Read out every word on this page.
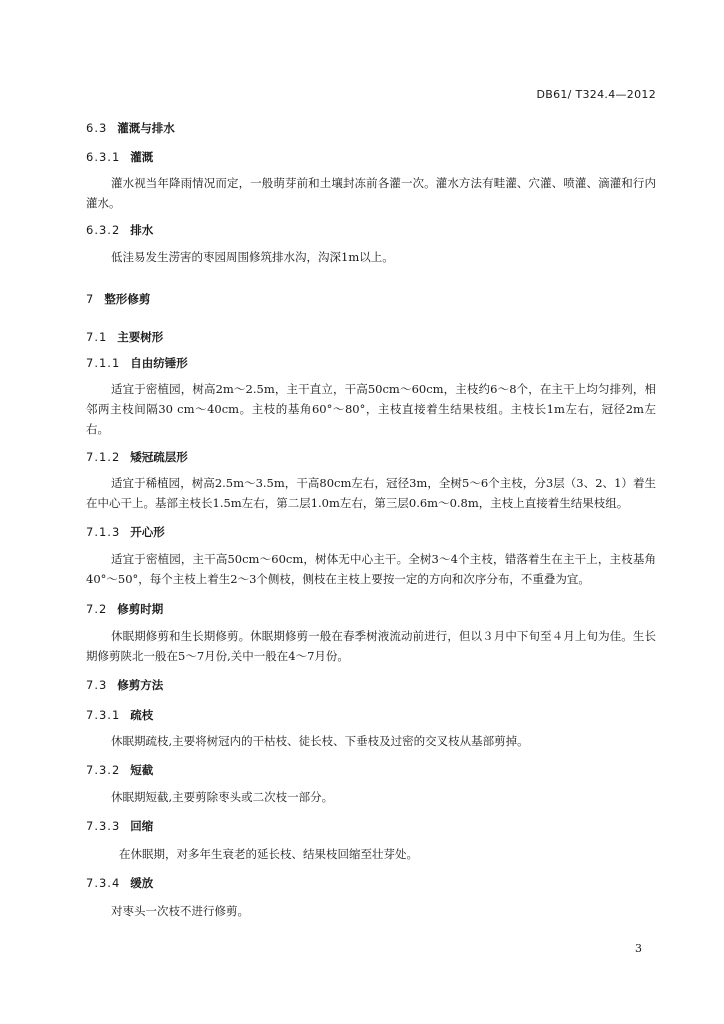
DB61/ T324.4—2012
6.3 灌溉与排水
6.3.1 灌溉
灌水视当年降雨情况而定，一般萌芽前和土壤封冻前各灌一次。灌水方法有畦灌、穴灌、喷灌、滴灌和行内灌水。
6.3.2 排水
低洼易发生涝害的枣园周围修筑排水沟，沟深1m以上。
7 整形修剪
7.1 主要树形
7.1.1 自由纺锤形
适宜于密植园，树高2m～2.5m，主干直立，干高50cm～60cm，主枝约6～8个，在主干上均匀排列，相邻两主枝间隔30 cm～40cm。主枝的基角60°～80°，主枝直接着生结果枝组。主枝长1m左右，冠径2m左右。
7.1.2 矮冠疏层形
适宜于稀植园，树高2.5m～3.5m，干高80cm左右，冠径3m，全树5～6个主枝，分3层（3、2、1）着生在中心干上。基部主枝长1.5m左右，第二层1.0m左右，第三层0.6m～0.8m，主枝上直接着生结果枝组。
7.1.3 开心形
适宜于密植园，主干高50cm～60cm，树体无中心主干。全树3～4个主枝，错落着生在主干上，主枝基角40°～50°，每个主枝上着生2～3个侧枝，侧枝在主枝上要按一定的方向和次序分布，不重叠为宜。
7.2 修剪时期
休眠期修剪和生长期修剪。休眠期修剪一般在春季树液流动前进行，但以３月中下旬至４月上旬为佳。生长期修剪陕北一般在5～7月份,关中一般在4～7月份。
7.3 修剪方法
7.3.1 疏枝
休眠期疏枝,主要将树冠内的干枯枝、徒长枝、下垂枝及过密的交叉枝从基部剪掉。
7.3.2 短截
休眠期短截,主要剪除枣头或二次枝一部分。
7.3.3 回缩
在休眠期，对多年生衰老的延长枝、结果枝回缩至壮芽处。
7.3.4 缓放
对枣头一次枝不进行修剪。
3
